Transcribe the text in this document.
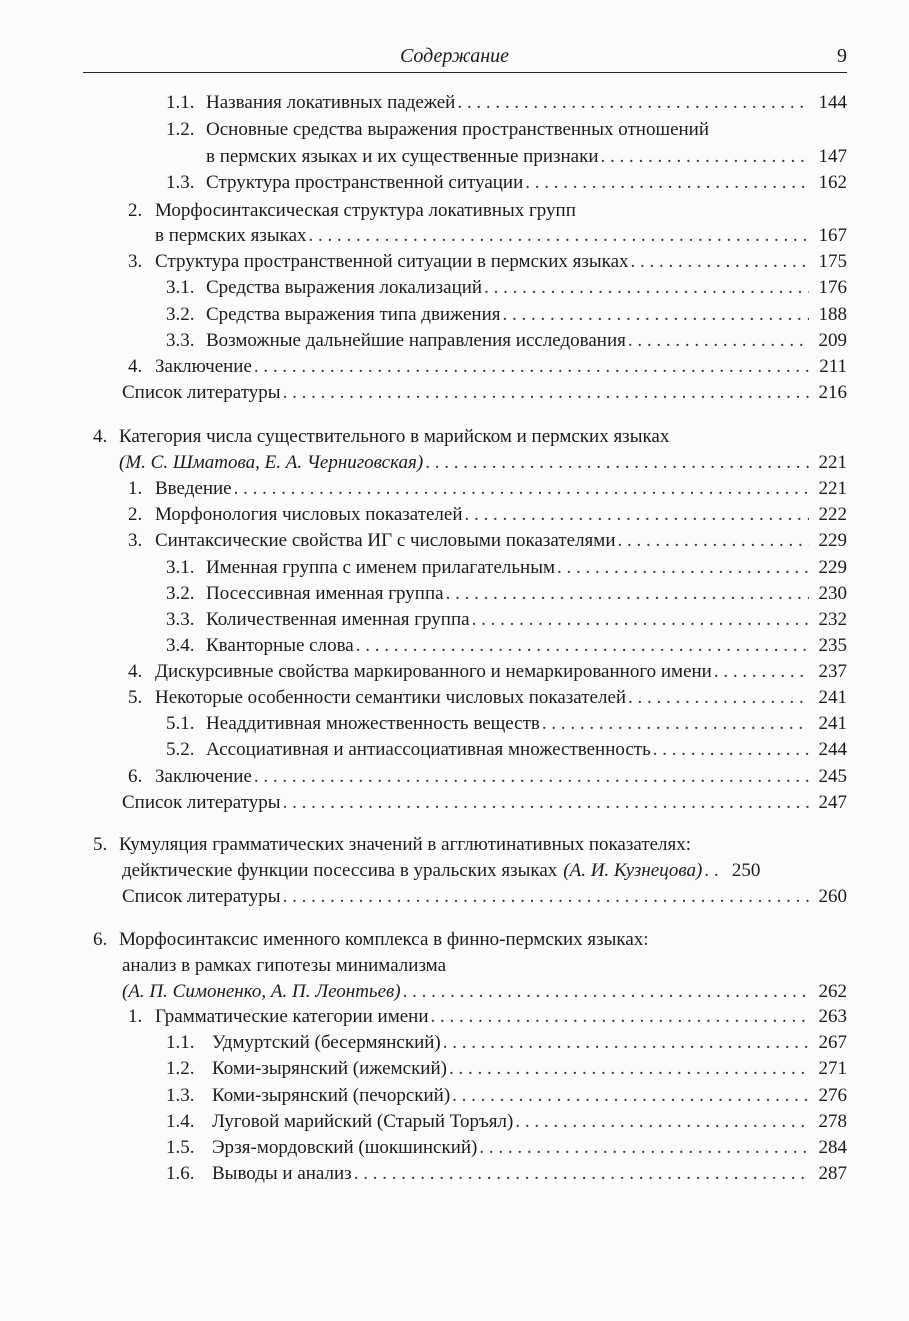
Содержание	9
1.1. Названия локативных падежей . . .	144
1.2. Основные средства выражения пространственных отношений
в пермских языках и их существенные признаки . . .	147
1.3. Структура пространственной ситуации . . .	162
2. Морфосинтаксическая структура локативных групп
в пермских языках . . .	167
3. Структура пространственной ситуации в пермских языках . . .	175
3.1. Средства выражения локализаций . . .	176
3.2. Средства выражения типа движения . . .	188
3.3. Возможные дальнейшие направления исследования . . .	209
4. Заключение . . .	211
Список литературы . . .	216
4. Категория числа существительного в марийском и пермских языках
(М. С. Шматова, Е. А. Черниговская) . . .	221
1. Введение . . .	221
2. Морфонология числовых показателей . . .	222
3. Синтаксические свойства ИГ с числовыми показателями . . .	229
3.1. Именная группа с именем прилагательным . . .	229
3.2. Посессивная именная группа . . .	230
3.3. Количественная именная группа . . .	232
3.4. Кванторные слова . . .	235
4. Дискурсивные свойства маркированного и немаркированного имени . . .	237
5. Некоторые особенности семантики числовых показателей . . .	241
5.1. Неаддитивная множественность веществ . . .	241
5.2. Ассоциативная и антиассоциативная множественность . . .	244
6. Заключение . . .	245
Список литературы . . .	247
5. Кумуляция грамматических значений в агглютинативных показателях:
дейктические функции посессива в уральских языках (А. И. Кузнецова) . . . 250
Список литературы . . .	260
6. Морфосинтаксис именного комплекса в финно-пермских языках:
анализ в рамках гипотезы минимализма
(А. П. Симоненко, А. П. Леонтьев) . . .	262
1. Грамматические категории имени . . .	263
1.1. Удмуртский (бесермянский) . . .	267
1.2. Коми-зырянский (ижемский) . . .	271
1.3. Коми-зырянский (печорский) . . .	276
1.4. Луговой марийский (Старый Торъял) . . .	278
1.5. Эрзя-мордовский (шокшинский) . . .	284
1.6. Выводы и анализ . . .	287
